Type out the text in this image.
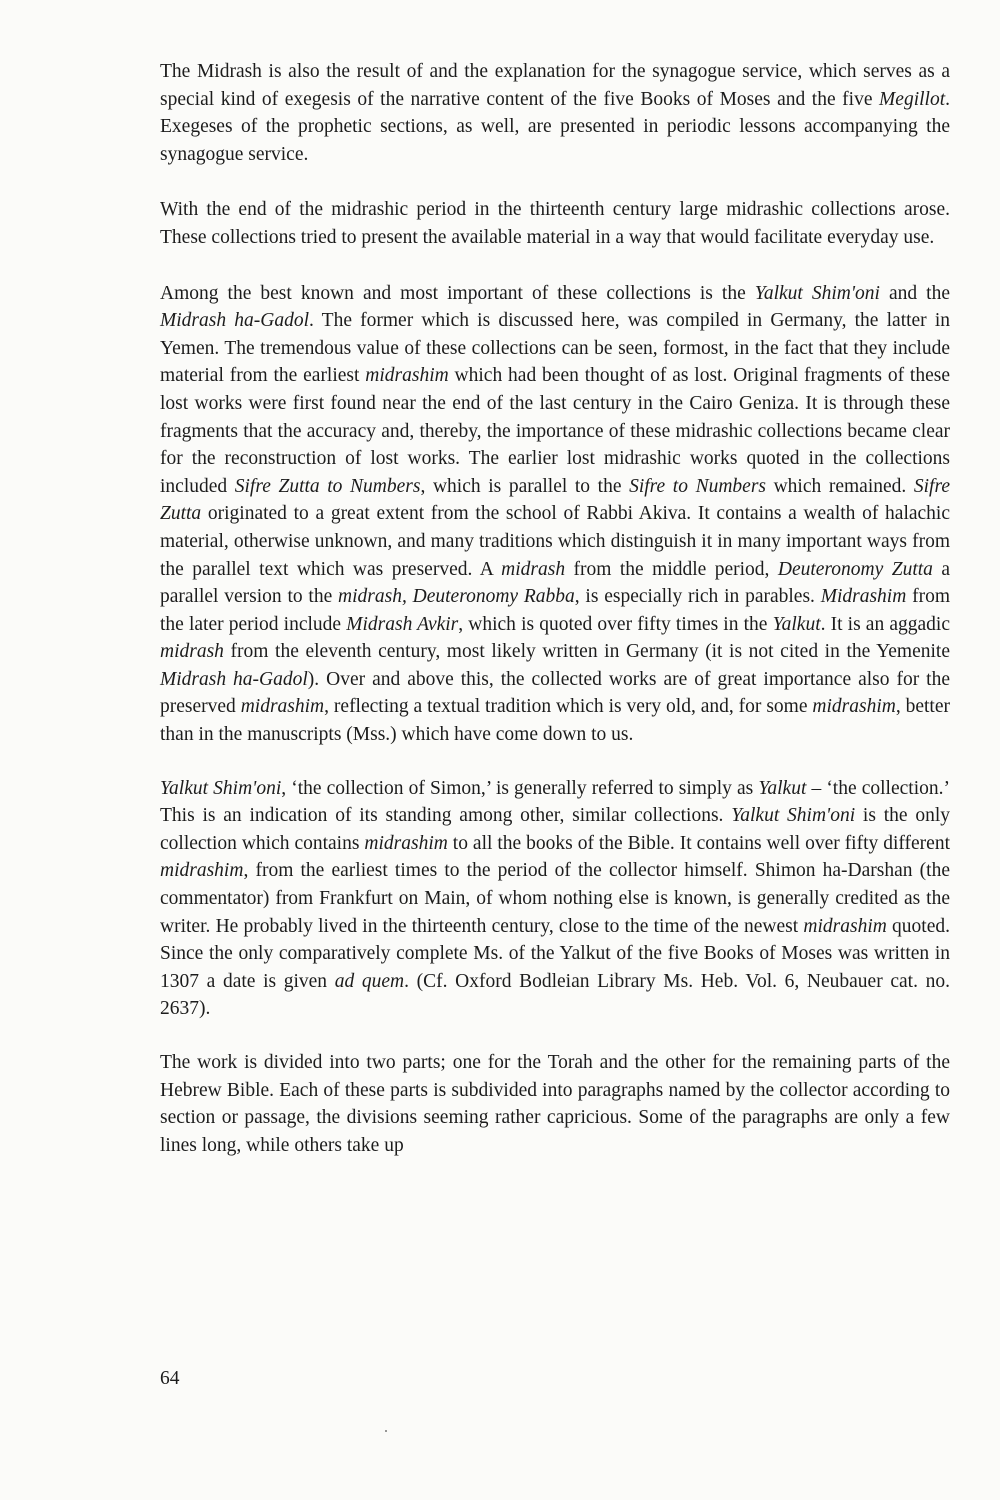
The Midrash is also the result of and the explanation for the synagogue service, which serves as a special kind of exegesis of the narrative content of the five Books of Moses and the five Megillot. Exegeses of the prophetic sections, as well, are presented in periodic lessons accompanying the synagogue service.

With the end of the midrashic period in the thirteenth century large midrashic collections arose. These collections tried to present the available material in a way that would facilitate everyday use.

Among the best known and most important of these collections is the Yalkut Shim'oni and the Midrash ha-Gadol. The former which is discussed here, was compiled in Germany, the latter in Yemen. The tremendous value of these collections can be seen, formost, in the fact that they include material from the earliest midrashim which had been thought of as lost. Original fragments of these lost works were first found near the end of the last century in the Cairo Geniza. It is through these fragments that the accuracy and, thereby, the importance of these midrashic collections became clear for the reconstruction of lost works. The earlier lost midrashic works quoted in the collections included Sifre Zutta to Numbers, which is parallel to the Sifre to Numbers which remained. Sifre Zutta originated to a great extent from the school of Rabbi Akiva. It contains a wealth of halachic material, otherwise unknown, and many traditions which distinguish it in many important ways from the parallel text which was preserved. A midrash from the middle period, Deuteronomy Zutta a parallel version to the midrash, Deuteronomy Rabba, is especially rich in parables. Midrashim from the later period include Midrash Avkir, which is quoted over fifty times in the Yalkut. It is an aggadic midrash from the eleventh century, most likely written in Germany (it is not cited in the Yemenite Midrash ha-Gadol). Over and above this, the collected works are of great importance also for the preserved midrashim, reflecting a textual tradition which is very old, and, for some midrashim, better than in the manuscripts (Mss.) which have come down to us.

Yalkut Shim'oni, ‘the collection of Simon,’ is generally referred to simply as Yalkut – ‘the collection.’ This is an indication of its standing among other, similar collections. Yalkut Shim'oni is the only collection which contains midrashim to all the books of the Bible. It contains well over fifty different midrashim, from the earliest times to the period of the collector himself. Shimon ha-Darshan (the commentator) from Frankfurt on Main, of whom nothing else is known, is generally credited as the writer. He probably lived in the thirteenth century, close to the time of the newest midrashim quoted. Since the only comparatively complete Ms. of the Yalkut of the five Books of Moses was written in 1307 a date is given ad quem. (Cf. Oxford Bodleian Library Ms. Heb. Vol. 6, Neubauer cat. no. 2637).

The work is divided into two parts; one for the Torah and the other for the remaining parts of the Hebrew Bible. Each of these parts is subdivided into paragraphs named by the collector according to section or passage, the divisions seeming rather capricious. Some of the paragraphs are only a few lines long, while others take up

64
